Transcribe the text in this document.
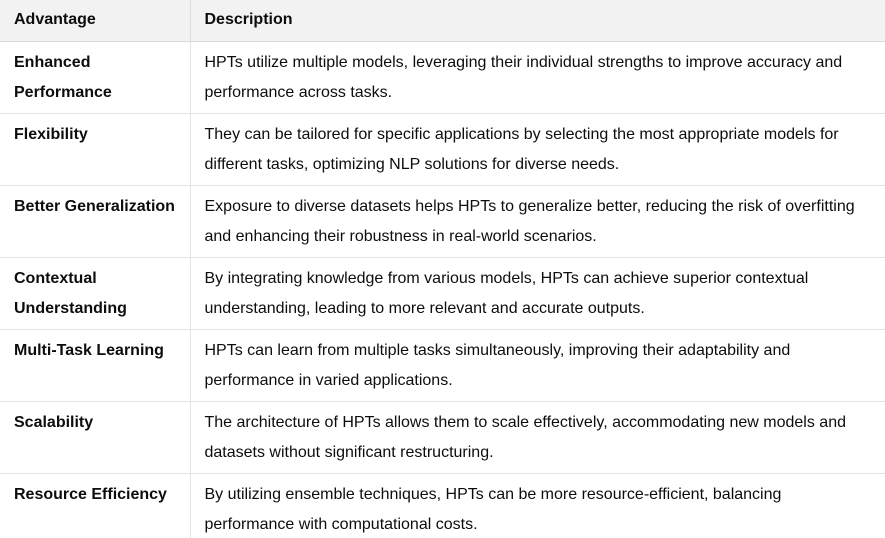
Advantage	Description
Enhanced Performance	HPTs utilize multiple models, leveraging their individual strengths to improve accuracy and performance across tasks.
Flexibility	They can be tailored for specific applications by selecting the most appropriate models for different tasks, optimizing NLP solutions for diverse needs.
Better Generalization	Exposure to diverse datasets helps HPTs to generalize better, reducing the risk of overfitting and enhancing their robustness in real-world scenarios.
Contextual Understanding	By integrating knowledge from various models, HPTs can achieve superior contextual understanding, leading to more relevant and accurate outputs.
Multi-Task Learning	HPTs can learn from multiple tasks simultaneously, improving their adaptability and performance in varied applications.
Scalability	The architecture of HPTs allows them to scale effectively, accommodating new models and datasets without significant restructuring.
Resource Efficiency	By utilizing ensemble techniques, HPTs can be more resource-efficient, balancing performance with computational costs.
